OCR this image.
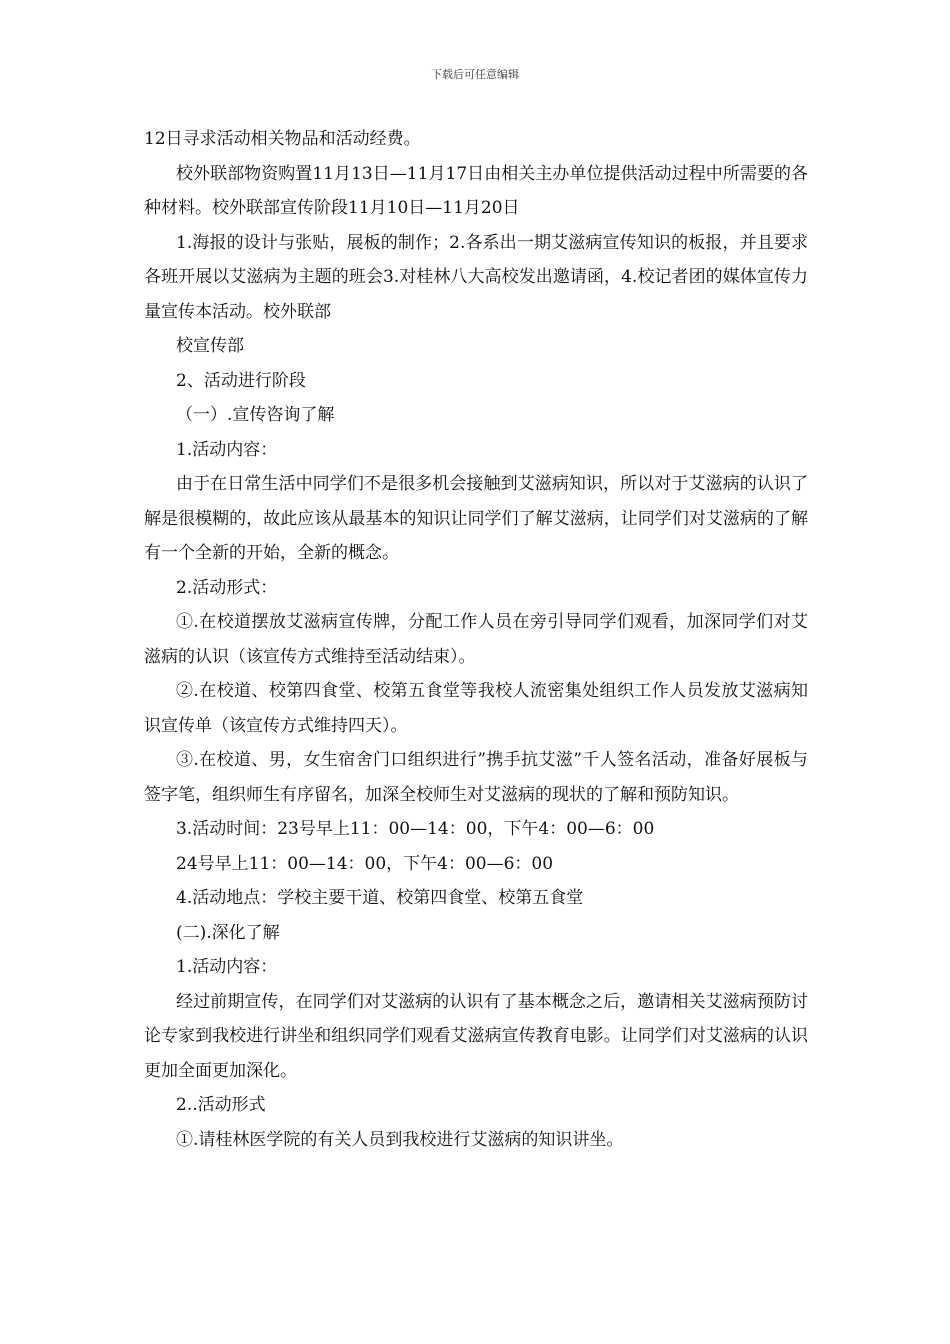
下载后可任意编辑

12日寻求活动相关物品和活动经费。

校外联部物资购置11月13日—11月17日由相关主办单位提供活动过程中所需要的各种材料。校外联部宣传阶段11月10日—11月20日

1.海报的设计与张贴，展板的制作；2.各系出一期艾滋病宣传知识的板报，并且要求各班开展以艾滋病为主题的班会3.对桂林八大高校发出邀请函，4.校记者团的媒体宣传力量宣传本活动。校外联部

校宣传部

2、活动进行阶段

（一）.宣传咨询了解

1.活动内容：

由于在日常生活中同学们不是很多机会接触到艾滋病知识，所以对于艾滋病的认识了解是很模糊的，故此应该从最基本的知识让同学们了解艾滋病，让同学们对艾滋病的了解有一个全新的开始，全新的概念。

2.活动形式：

①.在校道摆放艾滋病宣传牌，分配工作人员在旁引导同学们观看，加深同学们对艾滋病的认识（该宣传方式维持至活动结束）。

②.在校道、校第四食堂、校第五食堂等我校人流密集处组织工作人员发放艾滋病知识宣传单（该宣传方式维持四天）。

③.在校道、男，女生宿舍门口组织进行”携手抗艾滋”千人签名活动，准备好展板与签字笔，组织师生有序留名，加深全校师生对艾滋病的现状的了解和预防知识。

3.活动时间：23号早上11：00—14：00，下午4：00—6：00

24号早上11：00—14：00，下午4：00—6：00

4.活动地点：学校主要干道、校第四食堂、校第五食堂

(二).深化了解

1.活动内容：

经过前期宣传，在同学们对艾滋病的认识有了基本概念之后，邀请相关艾滋病预防讨论专家到我校进行讲坐和组织同学们观看艾滋病宣传教育电影。让同学们对艾滋病的认识更加全面更加深化。

2..活动形式

①.请桂林医学院的有关人员到我校进行艾滋病的知识讲坐。
